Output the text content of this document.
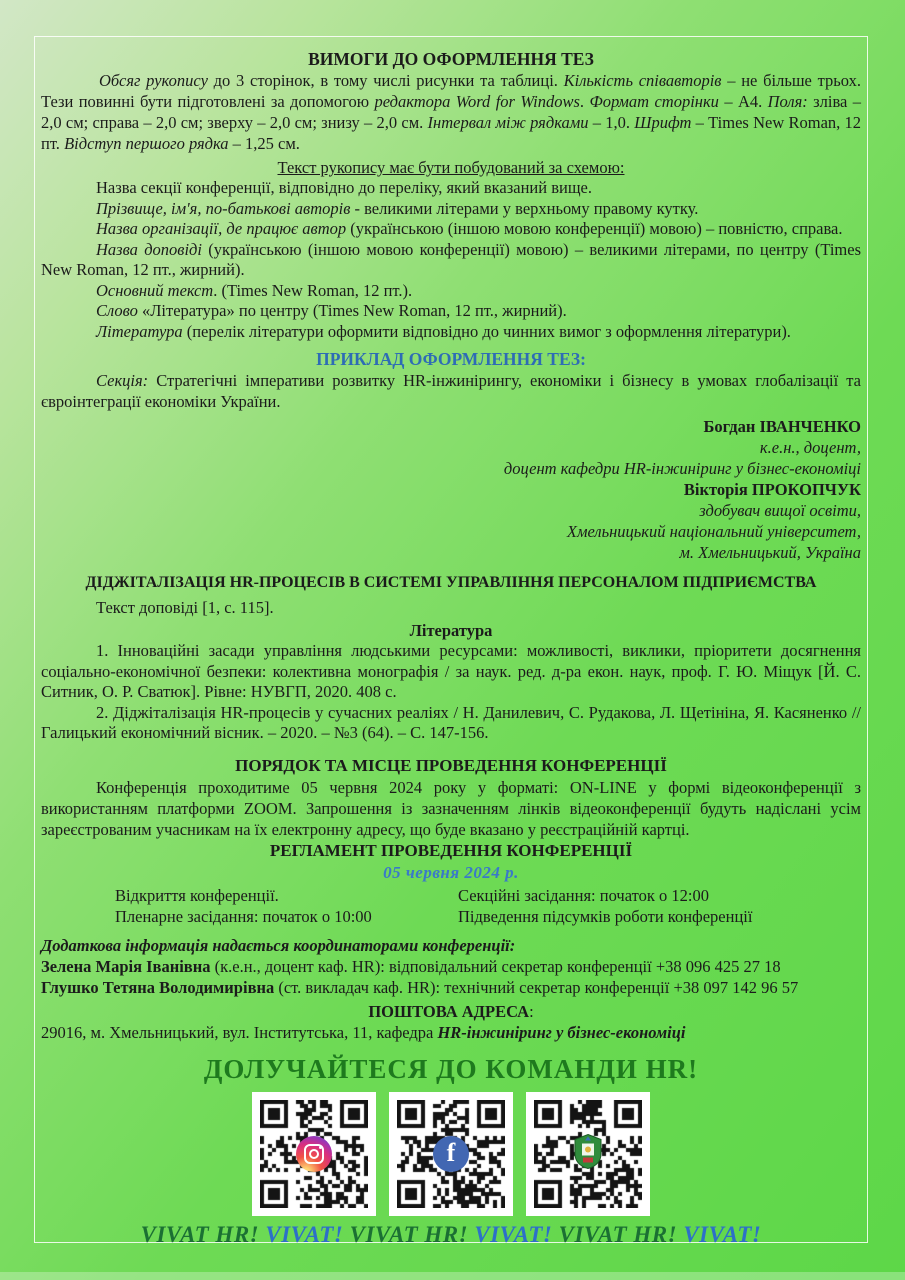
ВИМОГИ ДО ОФОРМЛЕННЯ ТЕЗ

Обсяг рукопису до 3 сторінок, в тому числі рисунки та таблиці. Кількість співавторів – не більше трьох. Тези повинні бути підготовлені за допомогою редактора Word for Windows. Формат сторінки – А4. Поля: зліва – 2,0 см; справа – 2,0 см; зверху – 2,0 см; знизу – 2,0 см. Інтервал між рядками – 1,0. Шрифт – Times New Roman, 12 пт. Відступ першого рядка – 1,25 см.

Текст рукопису має бути побудований за схемою:

Назва секції конференції, відповідно до переліку, який вказаний вище.

Прізвище, ім'я, по-батькові авторів - великими літерами у верхньому правому кутку.

Назва організації, де працює автор (українською (іншою мовою конференції) мовою) – повністю, справа.

Назва доповіді (українською (іншою мовою конференції) мовою) – великими літерами, по центру (Times New Roman, 12 пт., жирний).

Основний текст. (Times New Roman, 12 пт.).

Слово «Література» по центру (Times New Roman, 12 пт., жирний).

Література (перелік літератури оформити відповідно до чинних вимог з оформлення літератури).

ПРИКЛАД ОФОРМЛЕННЯ ТЕЗ:

Секція: Стратегічні імперативи розвитку HR-інжинірингу, економіки і бізнесу в умовах глобалізації та євроінтеграції економіки України.

Богдан ІВАНЧЕНКО
к.е.н., доцент,
доцент кафедри HR-інжиніринг у бізнес-економіці
Вікторія ПРОКОПЧУК
здобувач вищої освіти,
Хмельницький національний університет,
м. Хмельницький, Україна
ДІДЖІТАЛІЗАЦІЯ HR-ПРОЦЕСІВ В СИСТЕМІ УПРАВЛІННЯ ПЕРСОНАЛОМ ПІДПРИЄМСТВА

Текст доповіді [1, с. 115].

Література

1. Інноваційні засади управління людськими ресурсами: можливості, виклики, пріоритети досягнення соціально-економічної безпеки: колективна монографія / за наук. ред. д-ра екон. наук, проф. Г. Ю. Міщук [Й. С. Ситник, О. Р. Сватюк]. Рівне: НУВГП, 2020. 408 с.

2. Діджіталізація HR-процесів у сучасних реаліях / Н. Данилевич, С. Рудакова, Л. Щетініна, Я. Касяненко // Галицький економічний вісник. – 2020. – №3 (64). – С. 147-156.

ПОРЯДОК ТА МІСЦЕ ПРОВЕДЕННЯ КОНФЕРЕНЦІЇ

Конференція проходитиме 05 червня 2024 року у форматі: ON-LINE у формі відеоконференції з використанням платформи ZOOM. Запрошення із зазначенням лінків відеоконференції будуть надіслані усім зареєстрованим учасникам на їх електронну адресу, що буде вказано у реєстраційній картці.

РЕГЛАМЕНТ ПРОВЕДЕННЯ КОНФЕРЕНЦІЇ
05 червня 2024 р.
Відкриття конференції.
Пленарне засідання: початок о 10:00
Секційні засідання: початок о 12:00
Підведення підсумків роботи конференції
Додаткова інформація надається координаторами конференції:
Зелена Марія Іванівна (к.е.н., доцент каф. HR): відповідальний секретар конференції +38 096 425 27 18
Глушко Тетяна Володимирівна (ст. викладач каф. HR): технічний секретар конференції +38 097 142 96 57
ПОШТОВА АДРЕСА:
29016, м. Хмельницький, вул. Інститутська, 11, кафедра HR-інжиніринг у бізнес-економіці
ДОЛУЧАЙТЕСЯ ДО КОМАНДИ HR!
f
VIVAT HR! VIVAT! VIVAT HR! VIVAT! VIVAT HR! VIVAT!
